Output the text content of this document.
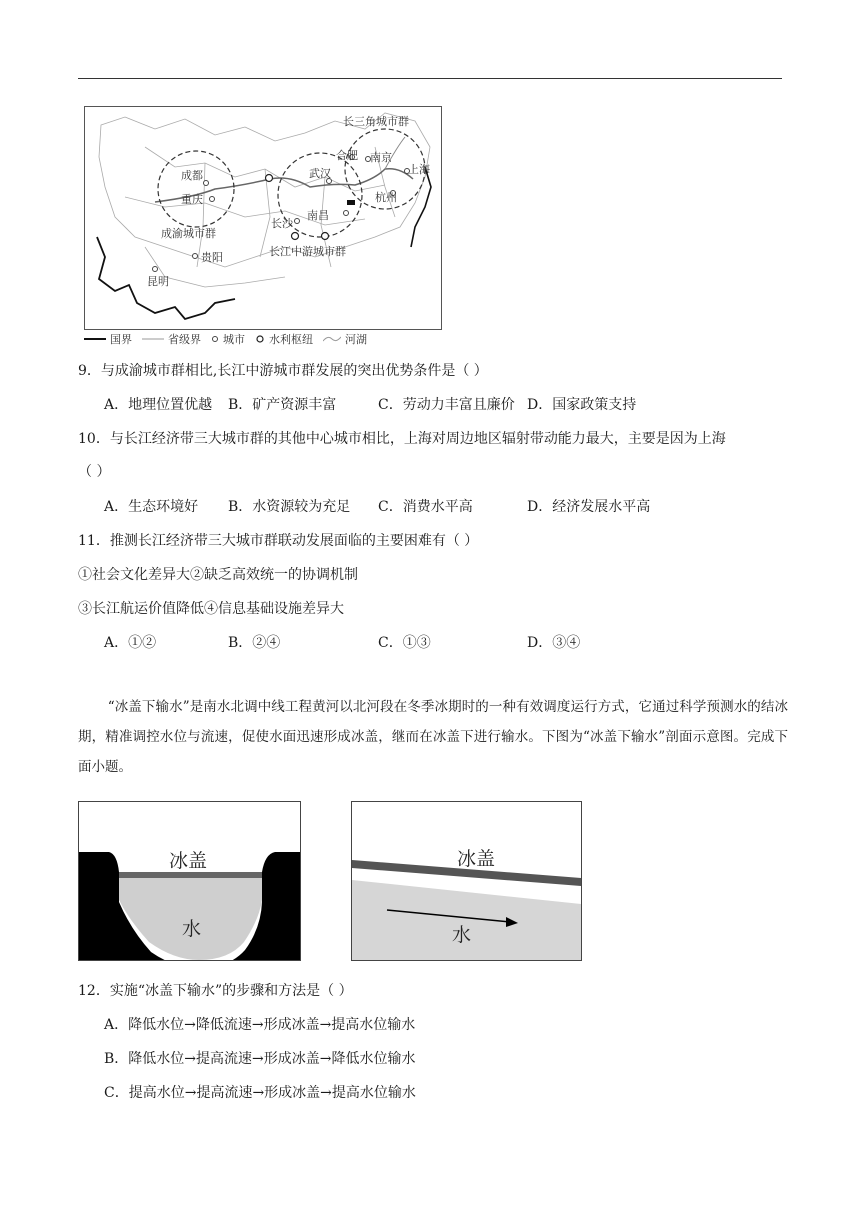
长三角城市群
成都
重庆
成渝城市群
贵阳
昆明
合肥 南京
上海
武汉
杭州
长沙
南昌
长江中游城市群
国界	省级界 城市 水利枢纽	河湖
9．与成渝城市群相比,长江中游城市群发展的突出优势条件是（ ）
A．地理位置优越 B．矿产资源丰富	C．劳动力丰富且廉价 D．国家政策支持
10．与长江经济带三大城市群的其他中心城市相比，上海对周边地区辐射带动能力最大，主要是因为上海
（ ）
A．生态环境好 B．水资源较为充足 C．消费水平高	D．经济发展水平高
11．推测长江经济带三大城市群联动发展面临的主要困难有（ ）
①社会文化差异大②缺乏高效统一的协调机制
③长江航运价值降低④信息基础设施差异大
A．①②	B．②④	C．①③	D．③④
“冰盖下输水”是南水北调中线工程黄河以北河段在冬季冰期时的一种有效调度运行方式，它通过科学预测水的结冰期，精准调控水位与流速，促使水面迅速形成冰盖，继而在冰盖下进行输水。下图为“冰盖下输水”剖面示意图。完成下面小题。
冰盖
水
冰盖
水
12．实施“冰盖下输水”的步骤和方法是（ ）
A．降低水位→降低流速→形成冰盖→提高水位输水
B．降低水位→提高流速→形成冰盖→降低水位输水
C．提高水位→提高流速→形成冰盖→提高水位输水
